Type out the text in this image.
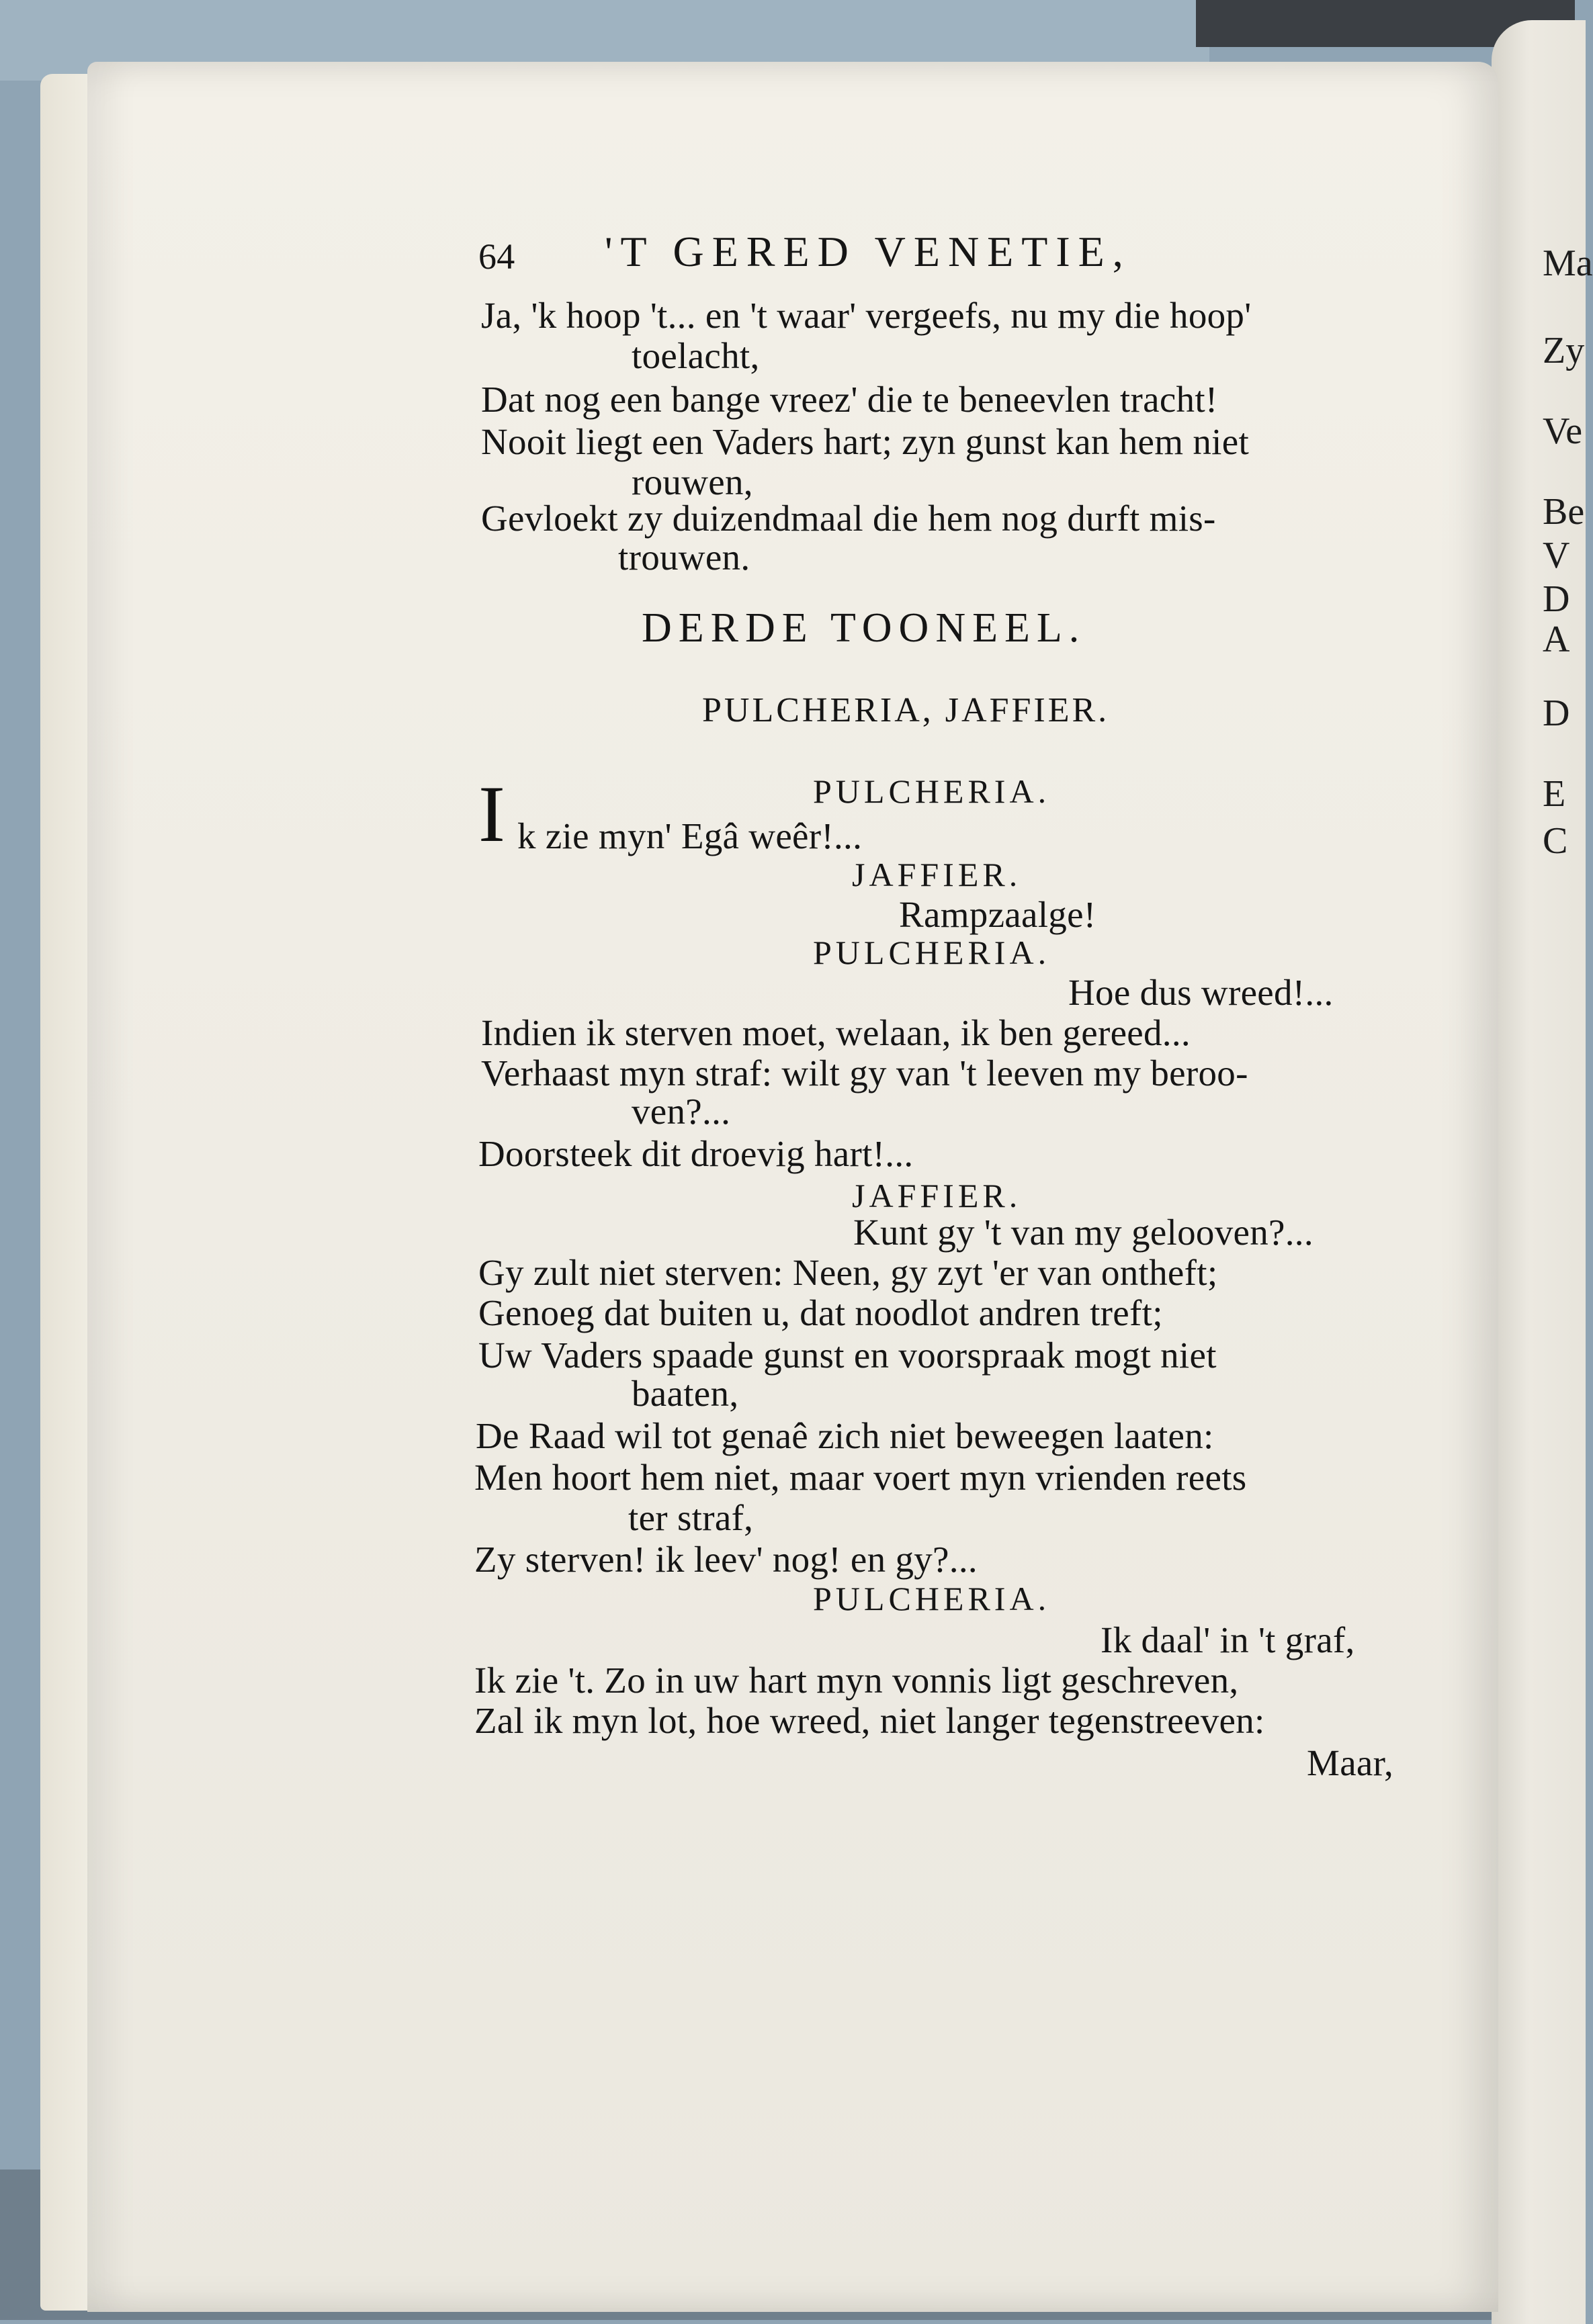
Ma
Zy
Ve
Be
V
D
A
D
E
C
64 'T GERED VENETIE,
Ja, 'k hoop 't... en 't waar' vergeefs, nu my die hoop'
toelacht,
Dat nog een bange vreez' die te beneevlen tracht!
Nooit liegt een Vaders hart; zyn gunst kan hem niet
rouwen,
Gevloekt zy duizendmaal die hem nog durft mis-
trouwen.
DERDE TOONEEL.
PULCHERIA, JAFFIER.
PULCHERIA.
I k zie myn' Egâ weêr!...
JAFFIER.
Rampzaalge!
PULCHERIA.
Hoe dus wreed!...
Indien ik sterven moet, welaan, ik ben gereed...
Verhaast myn straf: wilt gy van 't leeven my beroo-
ven?...
Doorsteek dit droevig hart!...
JAFFIER.
Kunt gy 't van my gelooven?...
Gy zult niet sterven: Neen, gy zyt 'er van ontheft;
Genoeg dat buiten u, dat noodlot andren treft;
Uw Vaders spaade gunst en voorspraak mogt niet
baaten,
De Raad wil tot genaê zich niet beweegen laaten:
Men hoort hem niet, maar voert myn vrienden reets
ter straf,
Zy sterven! ik leev' nog! en gy?...
PULCHERIA.
Ik daal' in 't graf,
Ik zie 't. Zo in uw hart myn vonnis ligt geschreven,
Zal ik myn lot, hoe wreed, niet langer tegenstreeven:
Maar,
